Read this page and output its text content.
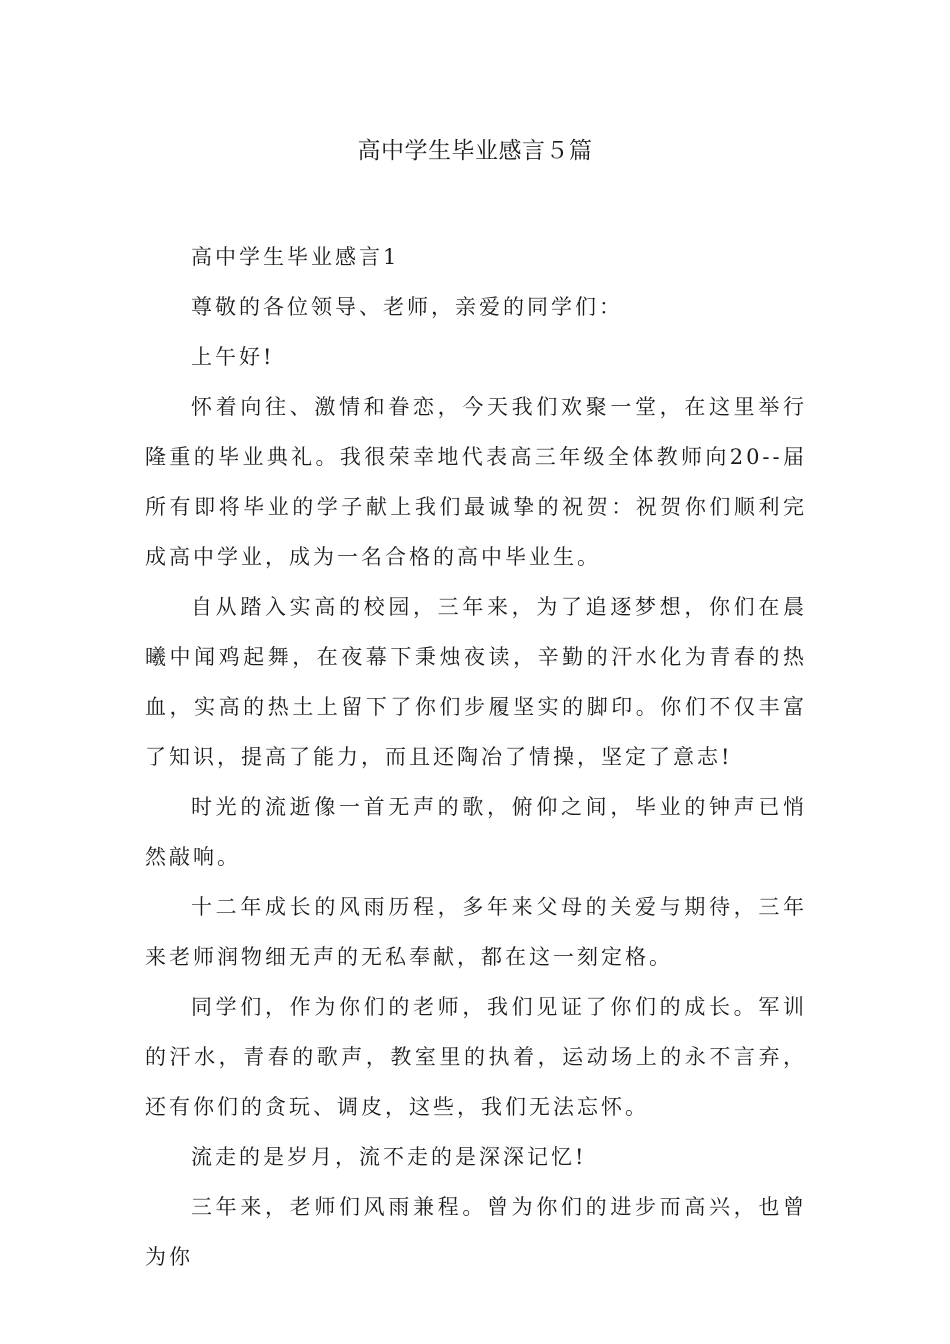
高中学生毕业感言５篇

高中学生毕业感言1

尊敬的各位领导、老师，亲爱的同学们：

上午好!

怀着向往、激情和眷恋，今天我们欢聚一堂，在这里举行隆重的毕业典礼。我很荣幸地代表高三年级全体教师向20--届所有即将毕业的学子献上我们最诚挚的祝贺：祝贺你们顺利完成高中学业，成为一名合格的高中毕业生。

自从踏入实高的校园，三年来，为了追逐梦想，你们在晨曦中闻鸡起舞，在夜幕下秉烛夜读，辛勤的汗水化为青春的热血，实高的热土上留下了你们步履坚实的脚印。你们不仅丰富了知识，提高了能力，而且还陶冶了情操，坚定了意志!

时光的流逝像一首无声的歌，俯仰之间，毕业的钟声已悄然敲响。

十二年成长的风雨历程，多年来父母的关爱与期待，三年来老师润物细无声的无私奉献，都在这一刻定格。

同学们，作为你们的老师，我们见证了你们的成长。军训的汗水，青春的歌声，教室里的执着，运动场上的永不言弃，还有你们的贪玩、调皮，这些，我们无法忘怀。

流走的是岁月，流不走的是深深记忆!

三年来，老师们风雨兼程。曾为你们的进步而高兴，也曾为你
